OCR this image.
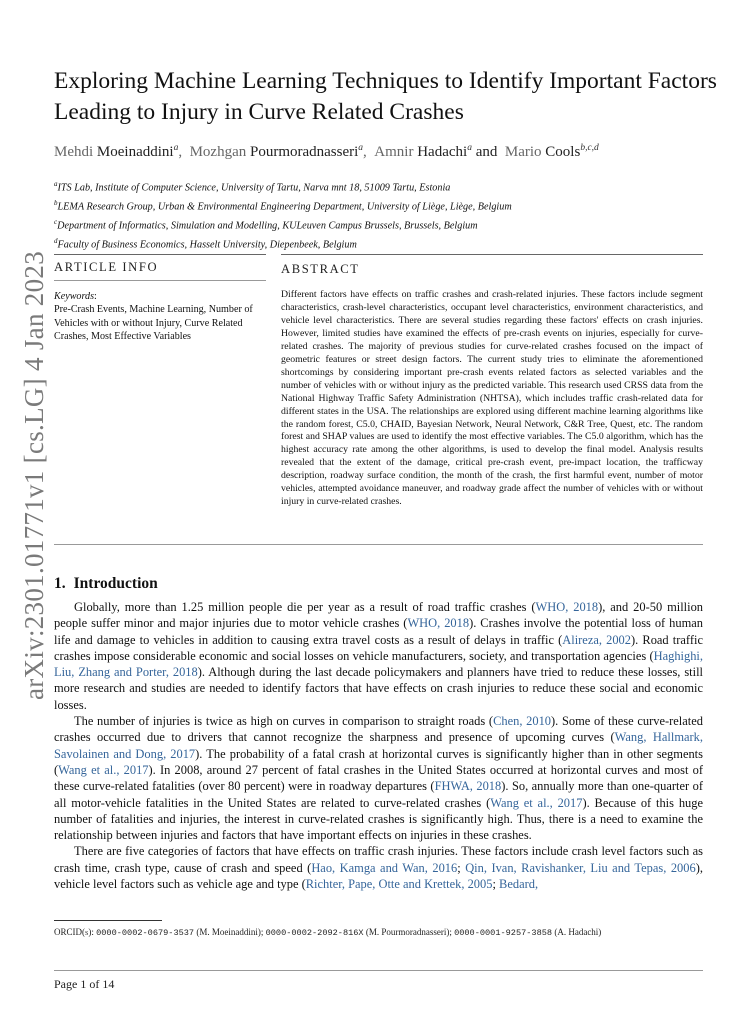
arXiv:2301.01771v1 [cs.LG] 4 Jan 2023
Exploring Machine Learning Techniques to Identify Important Factors Leading to Injury in Curve Related Crashes
Mehdi Moeinaddini$^a$,  Mozhgan Pourmoradnasseri$^a$,  Amnir Hadachi$^a$ and  Mario Cools$^{b,c,d}$
$^a$ITS Lab, Institute of Computer Science, University of Tartu, Narva mnt 18, 51009 Tartu, Estonia
$^b$LEMA Research Group, Urban & Environmental Engineering Department, University of Liège, Liège, Belgium
$^c$Department of Informatics, Simulation and Modelling, KULeuven Campus Brussels, Brussels, Belgium
$^d$Faculty of Business Economics, Hasselt University, Diepenbeek, Belgium
ARTICLE INFO
Keywords:
Pre-Crash Events, Machine Learning, Number of Vehicles with or without Injury, Curve Related Crashes, Most Effective Variables
ABSTRACT
Different factors have effects on traffic crashes and crash-related injuries. These factors include segment characteristics, crash-level characteristics, occupant level characteristics, environment characteristics, and vehicle level characteristics. There are several studies regarding these factors' effects on crash injuries. However, limited studies have examined the effects of pre-crash events on injuries, especially for curve-related crashes. The majority of previous studies for curve-related crashes focused on the impact of geometric features or street design factors. The current study tries to eliminate the aforementioned shortcomings by considering important pre-crash events related factors as selected variables and the number of vehicles with or without injury as the predicted variable. This research used CRSS data from the National Highway Traffic Safety Administration (NHTSA), which includes traffic crash-related data for different states in the USA. The relationships are explored using different machine learning algorithms like the random forest, C5.0, CHAID, Bayesian Network, Neural Network, C&R Tree, Quest, etc. The random forest and SHAP values are used to identify the most effective variables. The C5.0 algorithm, which has the highest accuracy rate among the other algorithms, is used to develop the final model. Analysis results revealed that the extent of the damage, critical pre-crash event, pre-impact location, the trafficway description, roadway surface condition, the month of the crash, the first harmful event, number of motor vehicles, attempted avoidance maneuver, and roadway grade affect the number of vehicles with or without injury in curve-related crashes.
1. Introduction

Globally, more than 1.25 million people die per year as a result of road traffic crashes (WHO, 2018), and 20-50 million people suffer minor and major injuries due to motor vehicle crashes (WHO, 2018). Crashes involve the potential loss of human life and damage to vehicles in addition to causing extra travel costs as a result of delays in traffic (Alireza, 2002). Road traffic crashes impose considerable economic and social losses on vehicle manufacturers, society, and transportation agencies (Haghighi, Liu, Zhang and Porter, 2018). Although during the last decade policymakers and planners have tried to reduce these losses, still more research and studies are needed to identify factors that have effects on crash injuries to reduce these social and economic losses.

The number of injuries is twice as high on curves in comparison to straight roads (Chen, 2010). Some of these curve-related crashes occurred due to drivers that cannot recognize the sharpness and presence of upcoming curves (Wang, Hallmark, Savolainen and Dong, 2017). The probability of a fatal crash at horizontal curves is significantly higher than in other segments (Wang et al., 2017). In 2008, around 27 percent of fatal crashes in the United States occurred at horizontal curves and most of these curve-related fatalities (over 80 percent) were in roadway departures (FHWA, 2018). So, annually more than one-quarter of all motor-vehicle fatalities in the United States are related to curve-related crashes (Wang et al., 2017). Because of this huge number of fatalities and injuries, the interest in curve-related crashes is significantly high. Thus, there is a need to examine the relationship between injuries and factors that have important effects on injuries in these crashes.

There are five categories of factors that have effects on traffic crash injuries. These factors include crash level factors such as crash time, crash type, cause of crash and speed (Hao, Kamga and Wan, 2016; Qin, Ivan, Ravishanker, Liu and Tepas, 2006), vehicle level factors such as vehicle age and type (Richter, Pape, Otte and Krettek, 2005; Bedard,

ORCID(s): 0000-0002-0679-3537 (M. Moeinaddini); 0000-0002-2092-816X (M. Pourmoradnasseri); 0000-0001-9257-3858 (A. Hadachi)
Page 1 of 14
